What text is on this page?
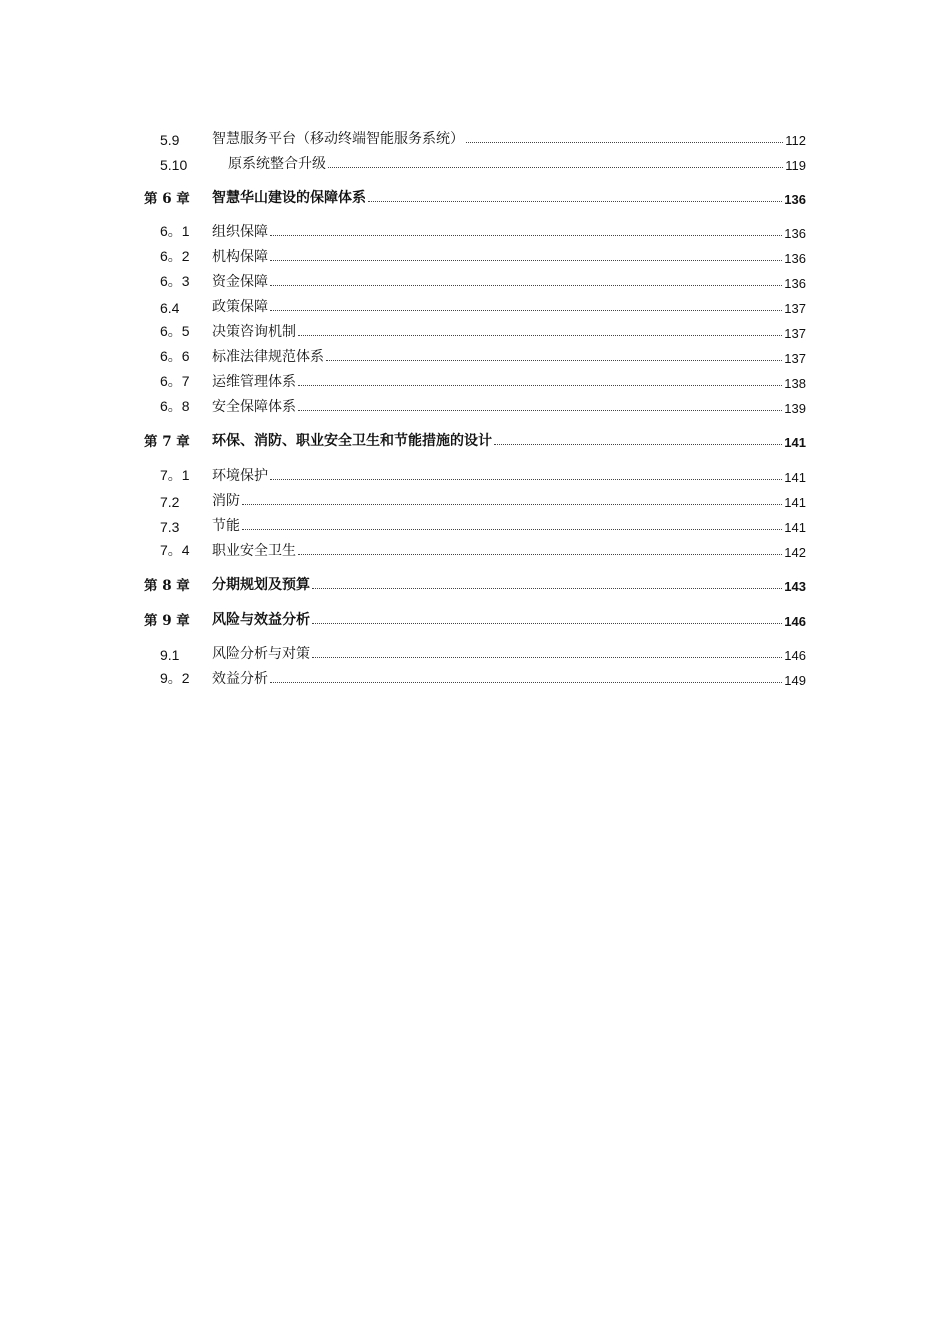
5.9	智慧服务平台（移动终端智能服务系统）	112
5.10	原系统整合升级	119
第 6 章	智慧华山建设的保障体系	136
6。1	组织保障	136
6。2	机构保障	136
6。3	资金保障	136
6.4	政策保障	137
6。5	决策咨询机制	137
6。6	标准法律规范体系	137
6。7	运维管理体系	138
6。8	安全保障体系	139
第 7 章	环保、消防、职业安全卫生和节能措施的设计	141
7。1	环境保护	141
7.2	消防	141
7.3	节能	141
7。4	职业安全卫生	142
第 8 章	分期规划及预算	143
第 9 章	风险与效益分析	146
9.1	风险分析与对策	146
9。2	效益分析	149
